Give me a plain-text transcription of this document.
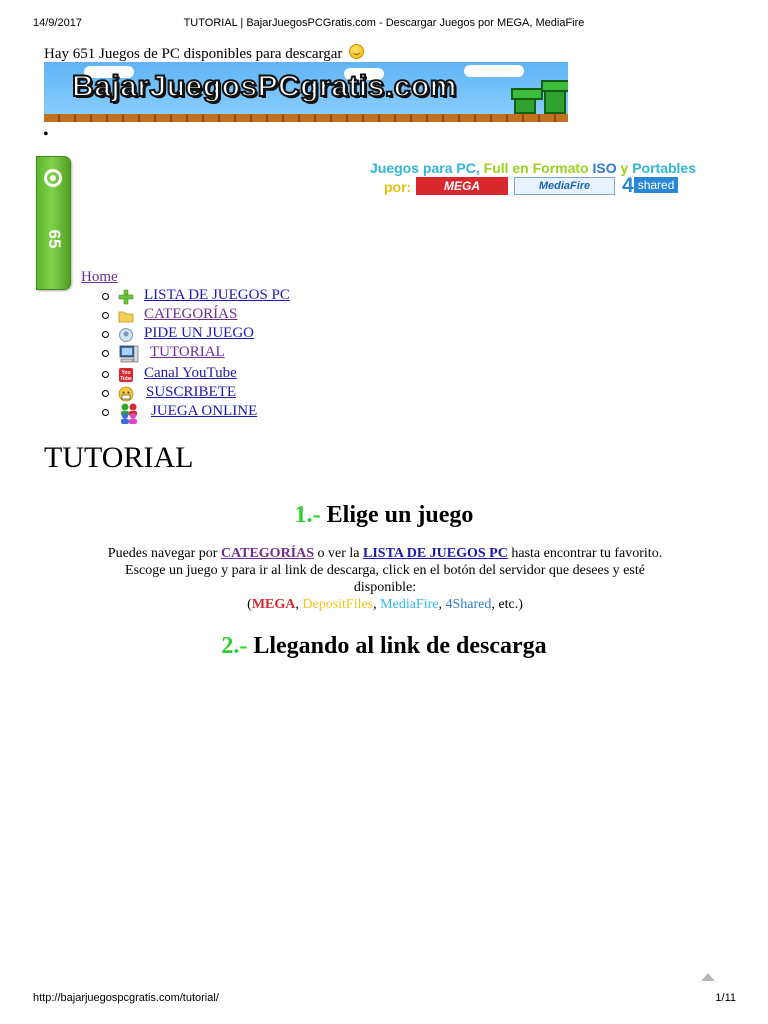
14/9/2017	TUTORIAL | BajarJuegosPCGratis.com - Descargar Juegos por MEGA, MediaFire
Hay 651 Juegos de PC disponibles para descargar
BajarJuegosPCgratis.com
•
65
Juegos para PC, Full en Formato ISO y Portables
por:	MEGA	MediaFire	4 shared
Home
LISTA DE JUEGOS PC
CATEGORÍAS
PIDE UN JUEGO
TUTORIAL
You
Tube Canal YouTube
SUSCRIBETE
JUEGA ONLINE
TUTORIAL
1.- Elige un juego
Puedes navegar por CATEGORÍAS o ver la LISTA DE JUEGOS PC hasta encontrar tu favorito.
Escoge un juego y para ir al link de descarga, click en el botón del servidor que desees y esté disponible:
(MEGA, DepositFiles, MediaFire, 4Shared, etc.)
2.- Llegando al link de descarga
http://bajarjuegospcgratis.com/tutorial/	1/11
